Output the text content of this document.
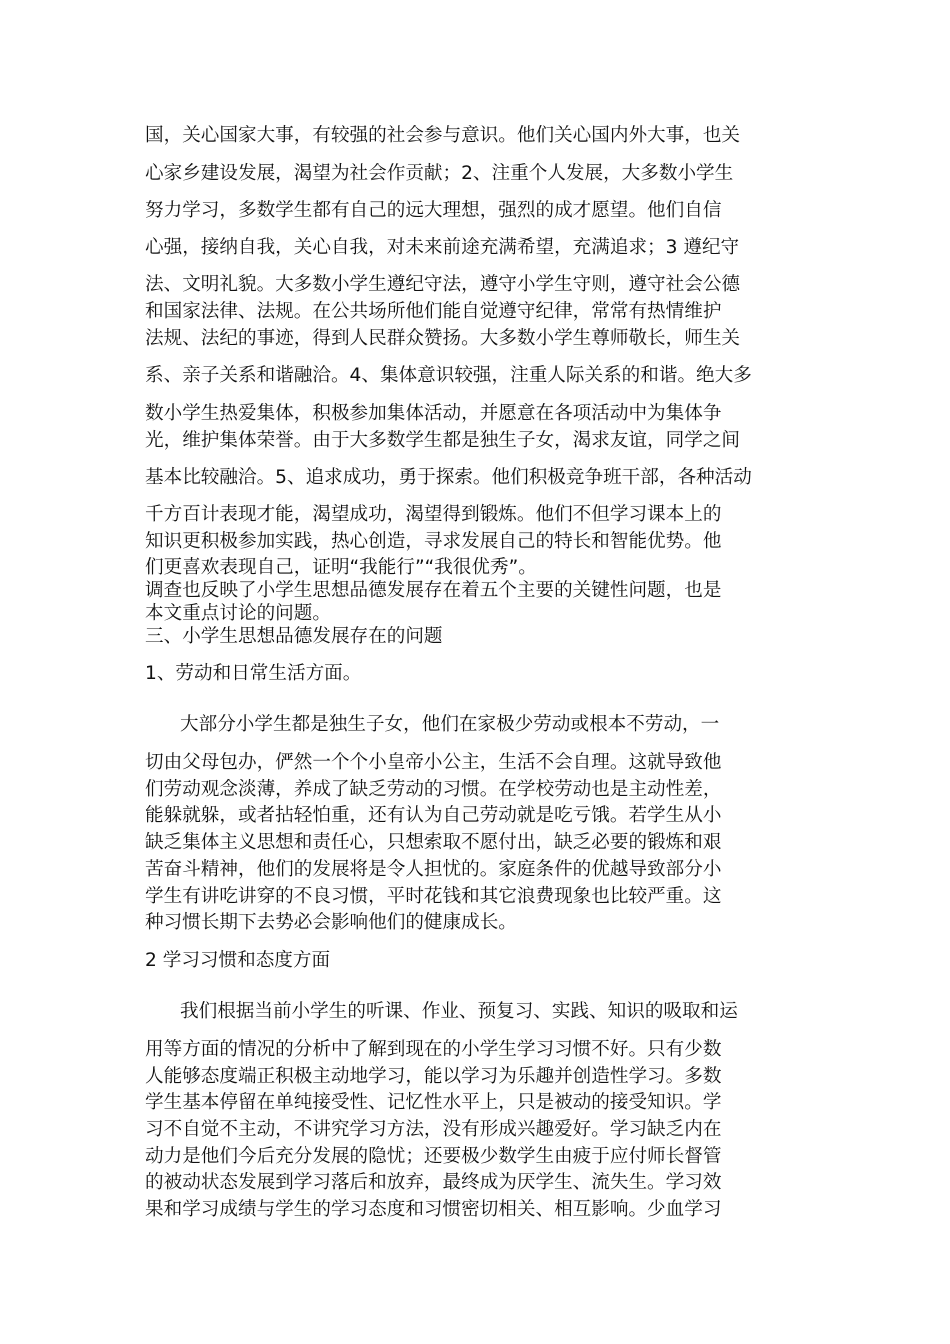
国，关心国家大事，有较强的社会参与意识。他们关心国内外大事，也关
心家乡建设发展，渴望为社会作贡献；2、注重个人发展，大多数小学生
努力学习，多数学生都有自己的远大理想，强烈的成才愿望。他们自信
心强，接纳自我，关心自我，对未来前途充满希望，充满追求；3 遵纪守
法、文明礼貌。大多数小学生遵纪守法，遵守小学生守则，遵守社会公德
和国家法律、法规。在公共场所他们能自觉遵守纪律，常常有热情维护
法规、法纪的事迹，得到人民群众赞扬。大多数小学生尊师敬长，师生关
系、亲子关系和谐融洽。4、集体意识较强，注重人际关系的和谐。绝大多
数小学生热爱集体，积极参加集体活动，并愿意在各项活动中为集体争
光，维护集体荣誉。由于大多数学生都是独生子女，渴求友谊，同学之间
基本比较融洽。5、追求成功，勇于探索。他们积极竞争班干部，各种活动
千方百计表现才能，渴望成功，渴望得到锻炼。他们不但学习课本上的
知识更积极参加实践，热心创造，寻求发展自己的特长和智能优势。他
们更喜欢表现自己，证明“我能行”“我很优秀”。
调查也反映了小学生思想品德发展存在着五个主要的关键性问题，也是
本文重点讨论的问题。
三、小学生思想品德发展存在的问题
1、劳动和日常生活方面。
大部分小学生都是独生子女，他们在家极少劳动或根本不劳动，一
切由父母包办，俨然一个个小皇帝小公主，生活不会自理。这就导致他
们劳动观念淡薄，养成了缺乏劳动的习惯。在学校劳动也是主动性差，
能躲就躲，或者拈轻怕重，还有认为自己劳动就是吃亏饿。若学生从小
缺乏集体主义思想和责任心，只想索取不愿付出，缺乏必要的锻炼和艰
苦奋斗精神，他们的发展将是令人担忧的。家庭条件的优越导致部分小
学生有讲吃讲穿的不良习惯，平时花钱和其它浪费现象也比较严重。这
种习惯长期下去势必会影响他们的健康成长。
2 学习习惯和态度方面
我们根据当前小学生的听课、作业、预复习、实践、知识的吸取和运
用等方面的情况的分析中了解到现在的小学生学习习惯不好。只有少数
人能够态度端正积极主动地学习，能以学习为乐趣并创造性学习。多数
学生基本停留在单纯接受性、记忆性水平上，只是被动的接受知识。学
习不自觉不主动，不讲究学习方法，没有形成兴趣爱好。学习缺乏内在
动力是他们今后充分发展的隐忧；还要极少数学生由疲于应付师长督管
的被动状态发展到学习落后和放弃，最终成为厌学生、流失生。学习效
果和学习成绩与学生的学习态度和习惯密切相关、相互影响。少血学习
